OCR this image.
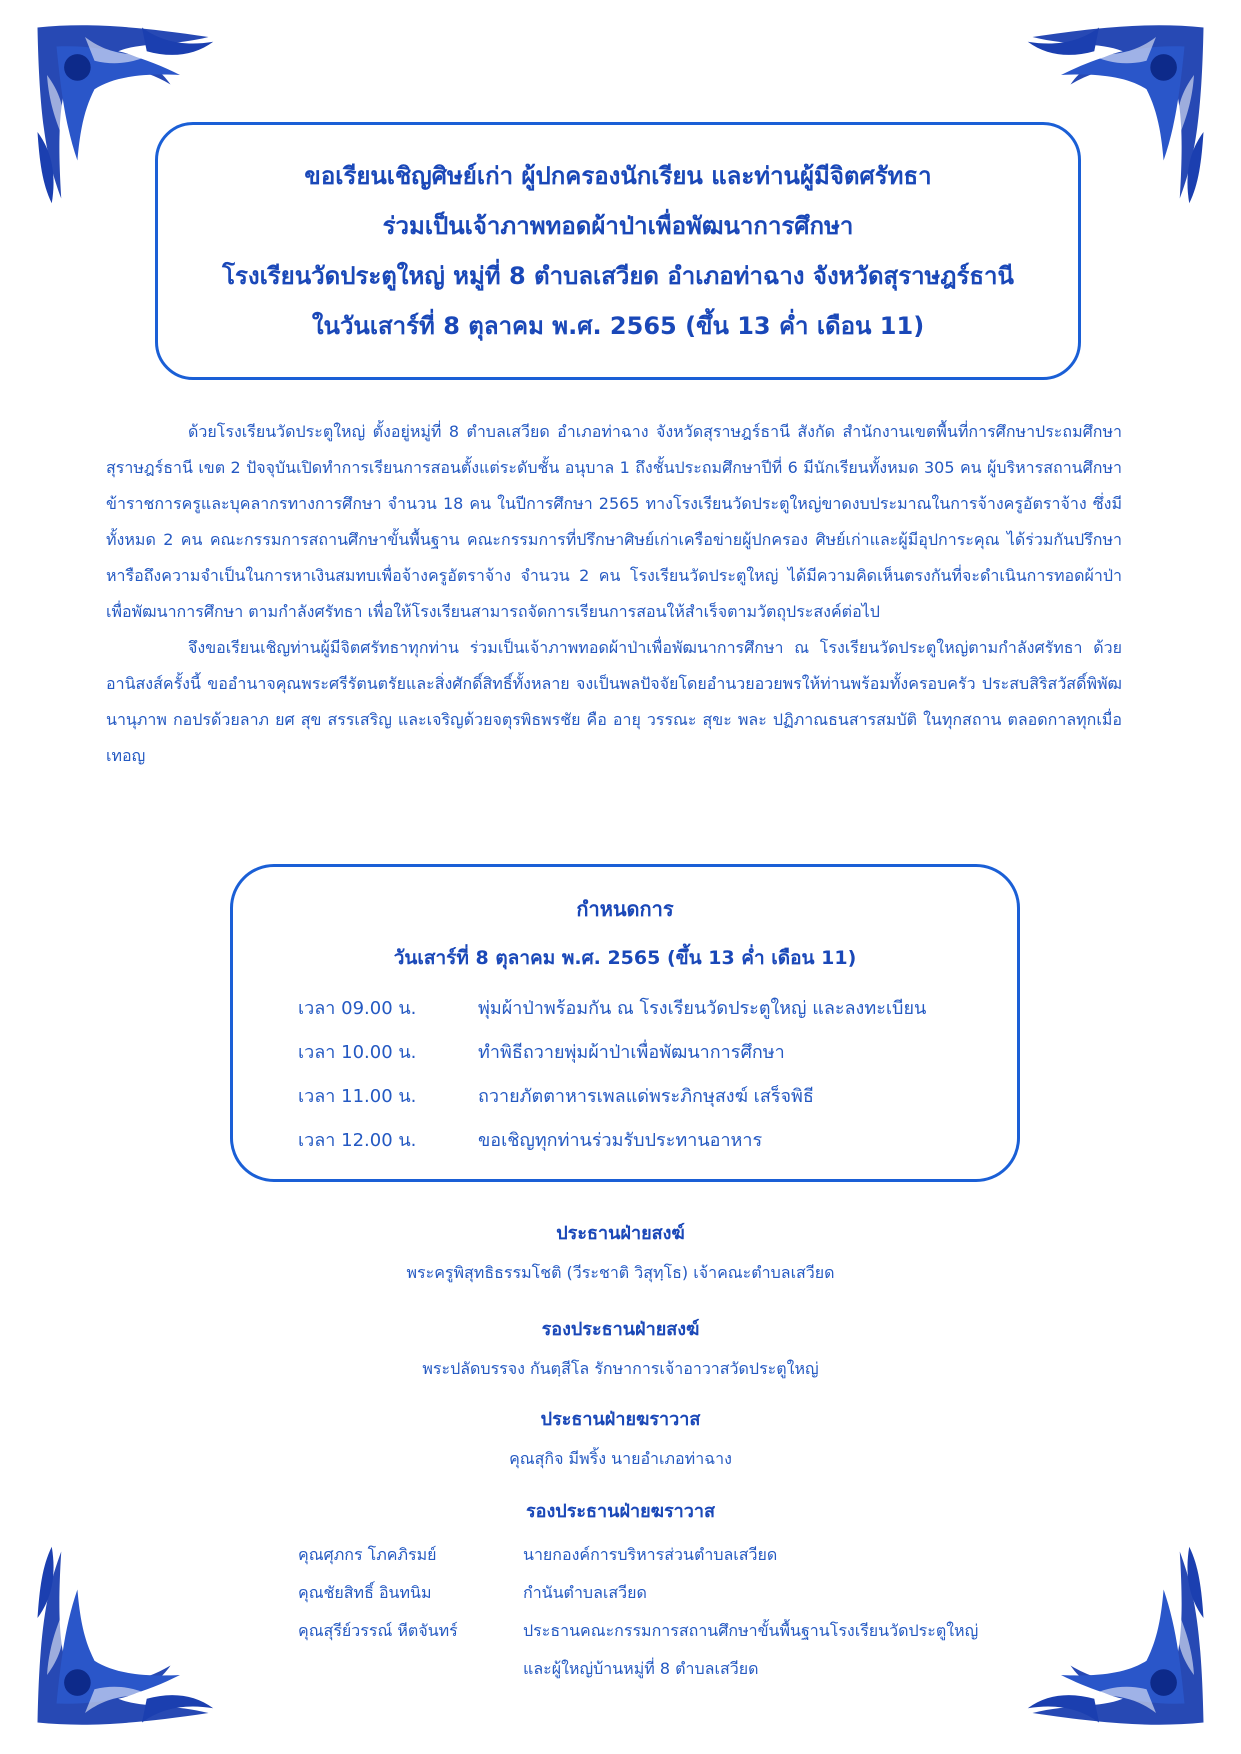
ขอเรียนเชิญศิษย์เก่า ผู้ปกครองนักเรียน และท่านผู้มีจิตศรัทธา
ร่วมเป็นเจ้าภาพทอดผ้าป่าเพื่อพัฒนาการศึกษา
โรงเรียนวัดประตูใหญ่ หมู่ที่ 8 ตำบลเสวียด อำเภอท่าฉาง จังหวัดสุราษฎร์ธานี
ในวันเสาร์ที่ 8 ตุลาคม พ.ศ. 2565 (ขึ้น 13 ค่ำ เดือน 11)

ด้วยโรงเรียนวัดประตูใหญ่ ตั้งอยู่หมู่ที่ 8 ตำบลเสวียด อำเภอท่าฉาง จังหวัดสุราษฎร์ธานี สังกัด สำนักงานเขตพื้นที่การศึกษาประถมศึกษาสุราษฎร์ธานี เขต 2 ปัจจุบันเปิดทำการเรียนการสอนตั้งแต่ระดับชั้น อนุบาล 1 ถึงชั้นประถมศึกษาปีที่ 6 มีนักเรียนทั้งหมด 305 คน ผู้บริหารสถานศึกษา ข้าราชการครูและบุคลากรทางการศึกษา จำนวน 18 คน ในปีการศึกษา 2565 ทางโรงเรียนวัดประตูใหญ่ขาดงบประมาณในการจ้างครูอัตราจ้าง ซึ่งมีทั้งหมด 2 คน คณะกรรมการสถานศึกษาขั้นพื้นฐาน คณะกรรมการที่ปรึกษาศิษย์เก่าเครือข่ายผู้ปกครอง ศิษย์เก่าและผู้มีอุปการะคุณ ได้ร่วมกันปรึกษาหารือถึงความจำเป็นในการหาเงินสมทบเพื่อจ้างครูอัตราจ้าง จำนวน 2 คน โรงเรียนวัดประตูใหญ่ ได้มีความคิดเห็นตรงกันที่จะดำเนินการทอดผ้าป่าเพื่อพัฒนาการศึกษา ตามกำลังศรัทธา เพื่อให้โรงเรียนสามารถจัดการเรียนการสอนให้สำเร็จตามวัตถุประสงค์ต่อไป

จึงขอเรียนเชิญท่านผู้มีจิตศรัทธาทุกท่าน ร่วมเป็นเจ้าภาพทอดผ้าป่าเพื่อพัฒนาการศึกษา ณ โรงเรียนวัดประตูใหญ่ตามกำลังศรัทธา ด้วยอานิสงส์ครั้งนี้ ขออำนาจคุณพระศรีรัตนตรัยและสิ่งศักดิ์สิทธิ์ทั้งหลาย จงเป็นพลปัจจัยโดยอำนวยอวยพรให้ท่านพร้อมทั้งครอบครัว ประสบสิริสวัสดิ์พิพัฒนานุภาพ กอปรด้วยลาภ ยศ สุข สรรเสริญ และเจริญด้วยจตุรพิธพรชัย คือ อายุ วรรณะ สุขะ พละ ปฏิภาณธนสารสมบัติ ในทุกสถาน ตลอดกาลทุกเมื่อ เทอญ

กำหนดการ
วันเสาร์ที่ 8 ตุลาคม พ.ศ. 2565 (ขึ้น 13 ค่ำ เดือน 11)
เวลา 09.00 น.	พุ่มผ้าป่าพร้อมกัน ณ โรงเรียนวัดประตูใหญ่ และลงทะเบียน
เวลา 10.00 น.	ทำพิธีถวายพุ่มผ้าป่าเพื่อพัฒนาการศึกษา
เวลา 11.00 น.	ถวายภัตตาหารเพลแด่พระภิกษุสงฆ์ เสร็จพิธี
เวลา 12.00 น.	ขอเชิญทุกท่านร่วมรับประทานอาหาร
ประธานฝ่ายสงฆ์
พระครูพิสุทธิธรรมโชติ (วีระชาติ วิสุทฺโธ) เจ้าคณะตำบลเสวียด
รองประธานฝ่ายสงฆ์
พระปลัดบรรจง กันตฺสีโล รักษาการเจ้าอาวาสวัดประตูใหญ่
ประธานฝ่ายฆราวาส
คุณสุกิจ มีพริ้ง นายอำเภอท่าฉาง
รองประธานฝ่ายฆราวาส
คุณศุภกร โภคภิรมย์	นายกองค์การบริหารส่วนตำบลเสวียด
คุณชัยสิทธิ์ อินทนิม	กำนันตำบลเสวียด
คุณสุรีย์วรรณ์ หีตจันทร์	ประธานคณะกรรมการสถานศึกษาขั้นพื้นฐานโรงเรียนวัดประตูใหญ่
และผู้ใหญ่บ้านหมู่ที่ 8 ตำบลเสวียด
